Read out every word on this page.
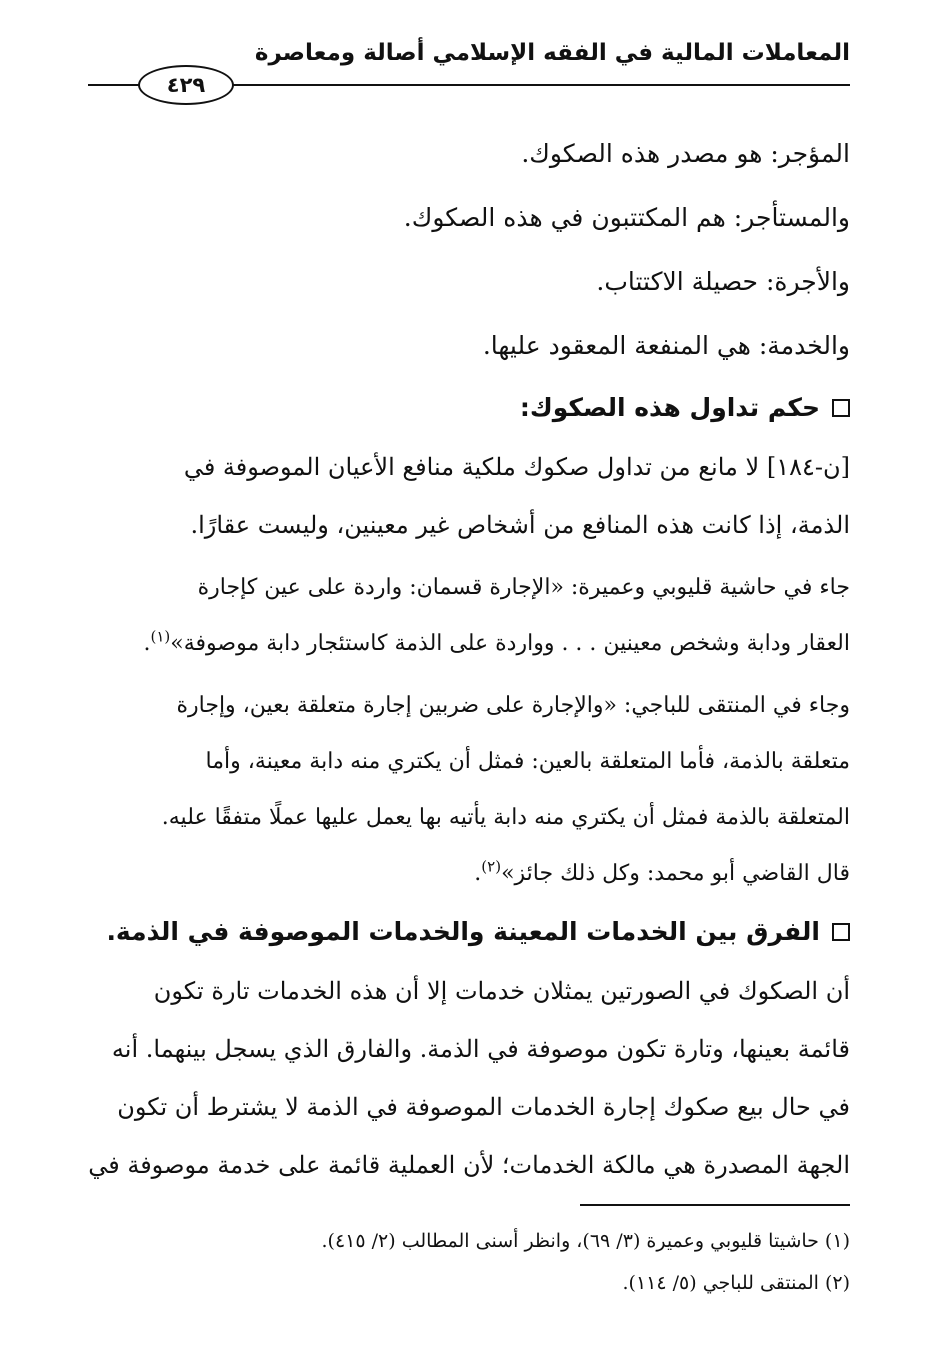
المعاملات المالية في الفقه الإسلامي أصالة ومعاصرة
٤٢٩
المؤجر: هو مصدر هذه الصكوك.
والمستأجر: هم المكتتبون في هذه الصكوك.
والأجرة: حصيلة الاكتتاب.
والخدمة: هي المنفعة المعقود عليها.
حكم تداول هذه الصكوك:
[ن-١٨٤] لا مانع من تداول صكوك ملكية منافع الأعيان الموصوفة في
الذمة، إذا كانت هذه المنافع من أشخاص غير معينين، وليست عقارًا.
جاء في حاشية قليوبي وعميرة: «الإجارة قسمان: واردة على عين كإجارة
العقار ودابة وشخص معينين . . . وواردة على الذمة كاستئجار دابة موصوفة»$^{(١)}$.
وجاء في المنتقى للباجي: «والإجارة على ضربين إجارة متعلقة بعين، وإجارة
متعلقة بالذمة، فأما المتعلقة بالعين: فمثل أن يكتري منه دابة معينة، وأما
المتعلقة بالذمة فمثل أن يكتري منه دابة يأتيه بها يعمل عليها عملًا متفقًا عليه.
قال القاضي أبو محمد: وكل ذلك جائز»$^{(٢)}$.
الفرق بين الخدمات المعينة والخدمات الموصوفة في الذمة.
أن الصكوك في الصورتين يمثلان خدمات إلا أن هذه الخدمات تارة تكون
قائمة بعينها، وتارة تكون موصوفة في الذمة. والفارق الذي يسجل بينهما. أنه
في حال بيع صكوك إجارة الخدمات الموصوفة في الذمة لا يشترط أن تكون
الجهة المصدرة هي مالكة الخدمات؛ لأن العملية قائمة على خدمة موصوفة في
(١) حاشيتا قليوبي وعميرة (٣/ ٦٩)، وانظر أسنى المطالب (٢/ ٤١٥).
(٢) المنتقى للباجي (٥/ ١١٤).
